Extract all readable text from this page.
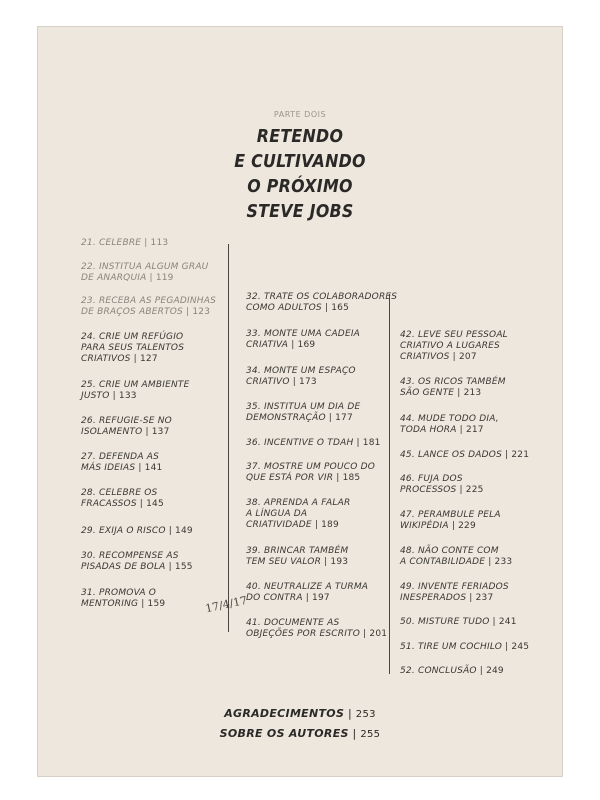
PARTE DOIS
RETENDO
E CULTIVANDO
O PRÓXIMO
STEVE JOBS
21. CELEBRE | 113
22. INSTITUA ALGUM GRAU
DE ANARQUIA | 119
23. RECEBA AS PEGADINHAS
DE BRAÇOS ABERTOS | 123
24. CRIE UM REFÚGIO
PARA SEUS TALENTOS
CRIATIVOS | 127
25. CRIE UM AMBIENTE
JUSTO | 133
26. REFUGIE-SE NO
ISOLAMENTO | 137
27. DEFENDA AS
MÁS IDEIAS | 141
28. CELEBRE OS
FRACASSOS | 145
29. EXIJA O RISCO | 149
30. RECOMPENSE AS
PISADAS DE BOLA | 155
31. PROMOVA O
MENTORING | 159
32. TRATE OS COLABORADORES
COMO ADULTOS | 165
33. MONTE UMA CADEIA
CRIATIVA | 169
34. MONTE UM ESPAÇO
CRIATIVO | 173
35. INSTITUA UM DIA DE
DEMONSTRAÇÃO | 177
36. INCENTIVE O TDAH | 181
37. MOSTRE UM POUCO DO
QUE ESTÁ POR VIR | 185
38. APRENDA A FALAR
A LÍNGUA DA
CRIATIVIDADE | 189
39. BRINCAR TAMBÉM
TEM SEU VALOR | 193
40. NEUTRALIZE A TURMA
DO CONTRA | 197
41. DOCUMENTE AS
OBJEÇÕES POR ESCRITO | 201
42. LEVE SEU PESSOAL
CRIATIVO A LUGARES
CRIATIVOS | 207
43. OS RICOS TAMBÉM
SÃO GENTE | 213
44. MUDE TODO DIA,
TODA HORA | 217
45. LANCE OS DADOS | 221
46. FUJA DOS
PROCESSOS | 225
47. PERAMBULE PELA
WIKIPÉDIA | 229
48. NÃO CONTE COM
A CONTABILIDADE | 233
49. INVENTE FERIADOS
INESPERADOS | 237
50. MISTURE TUDO | 241
51. TIRE UM COCHILO | 245
52. CONCLUSÃO | 249
AGRADECIMENTOS | 253
SOBRE OS AUTORES | 255
17/4/17
